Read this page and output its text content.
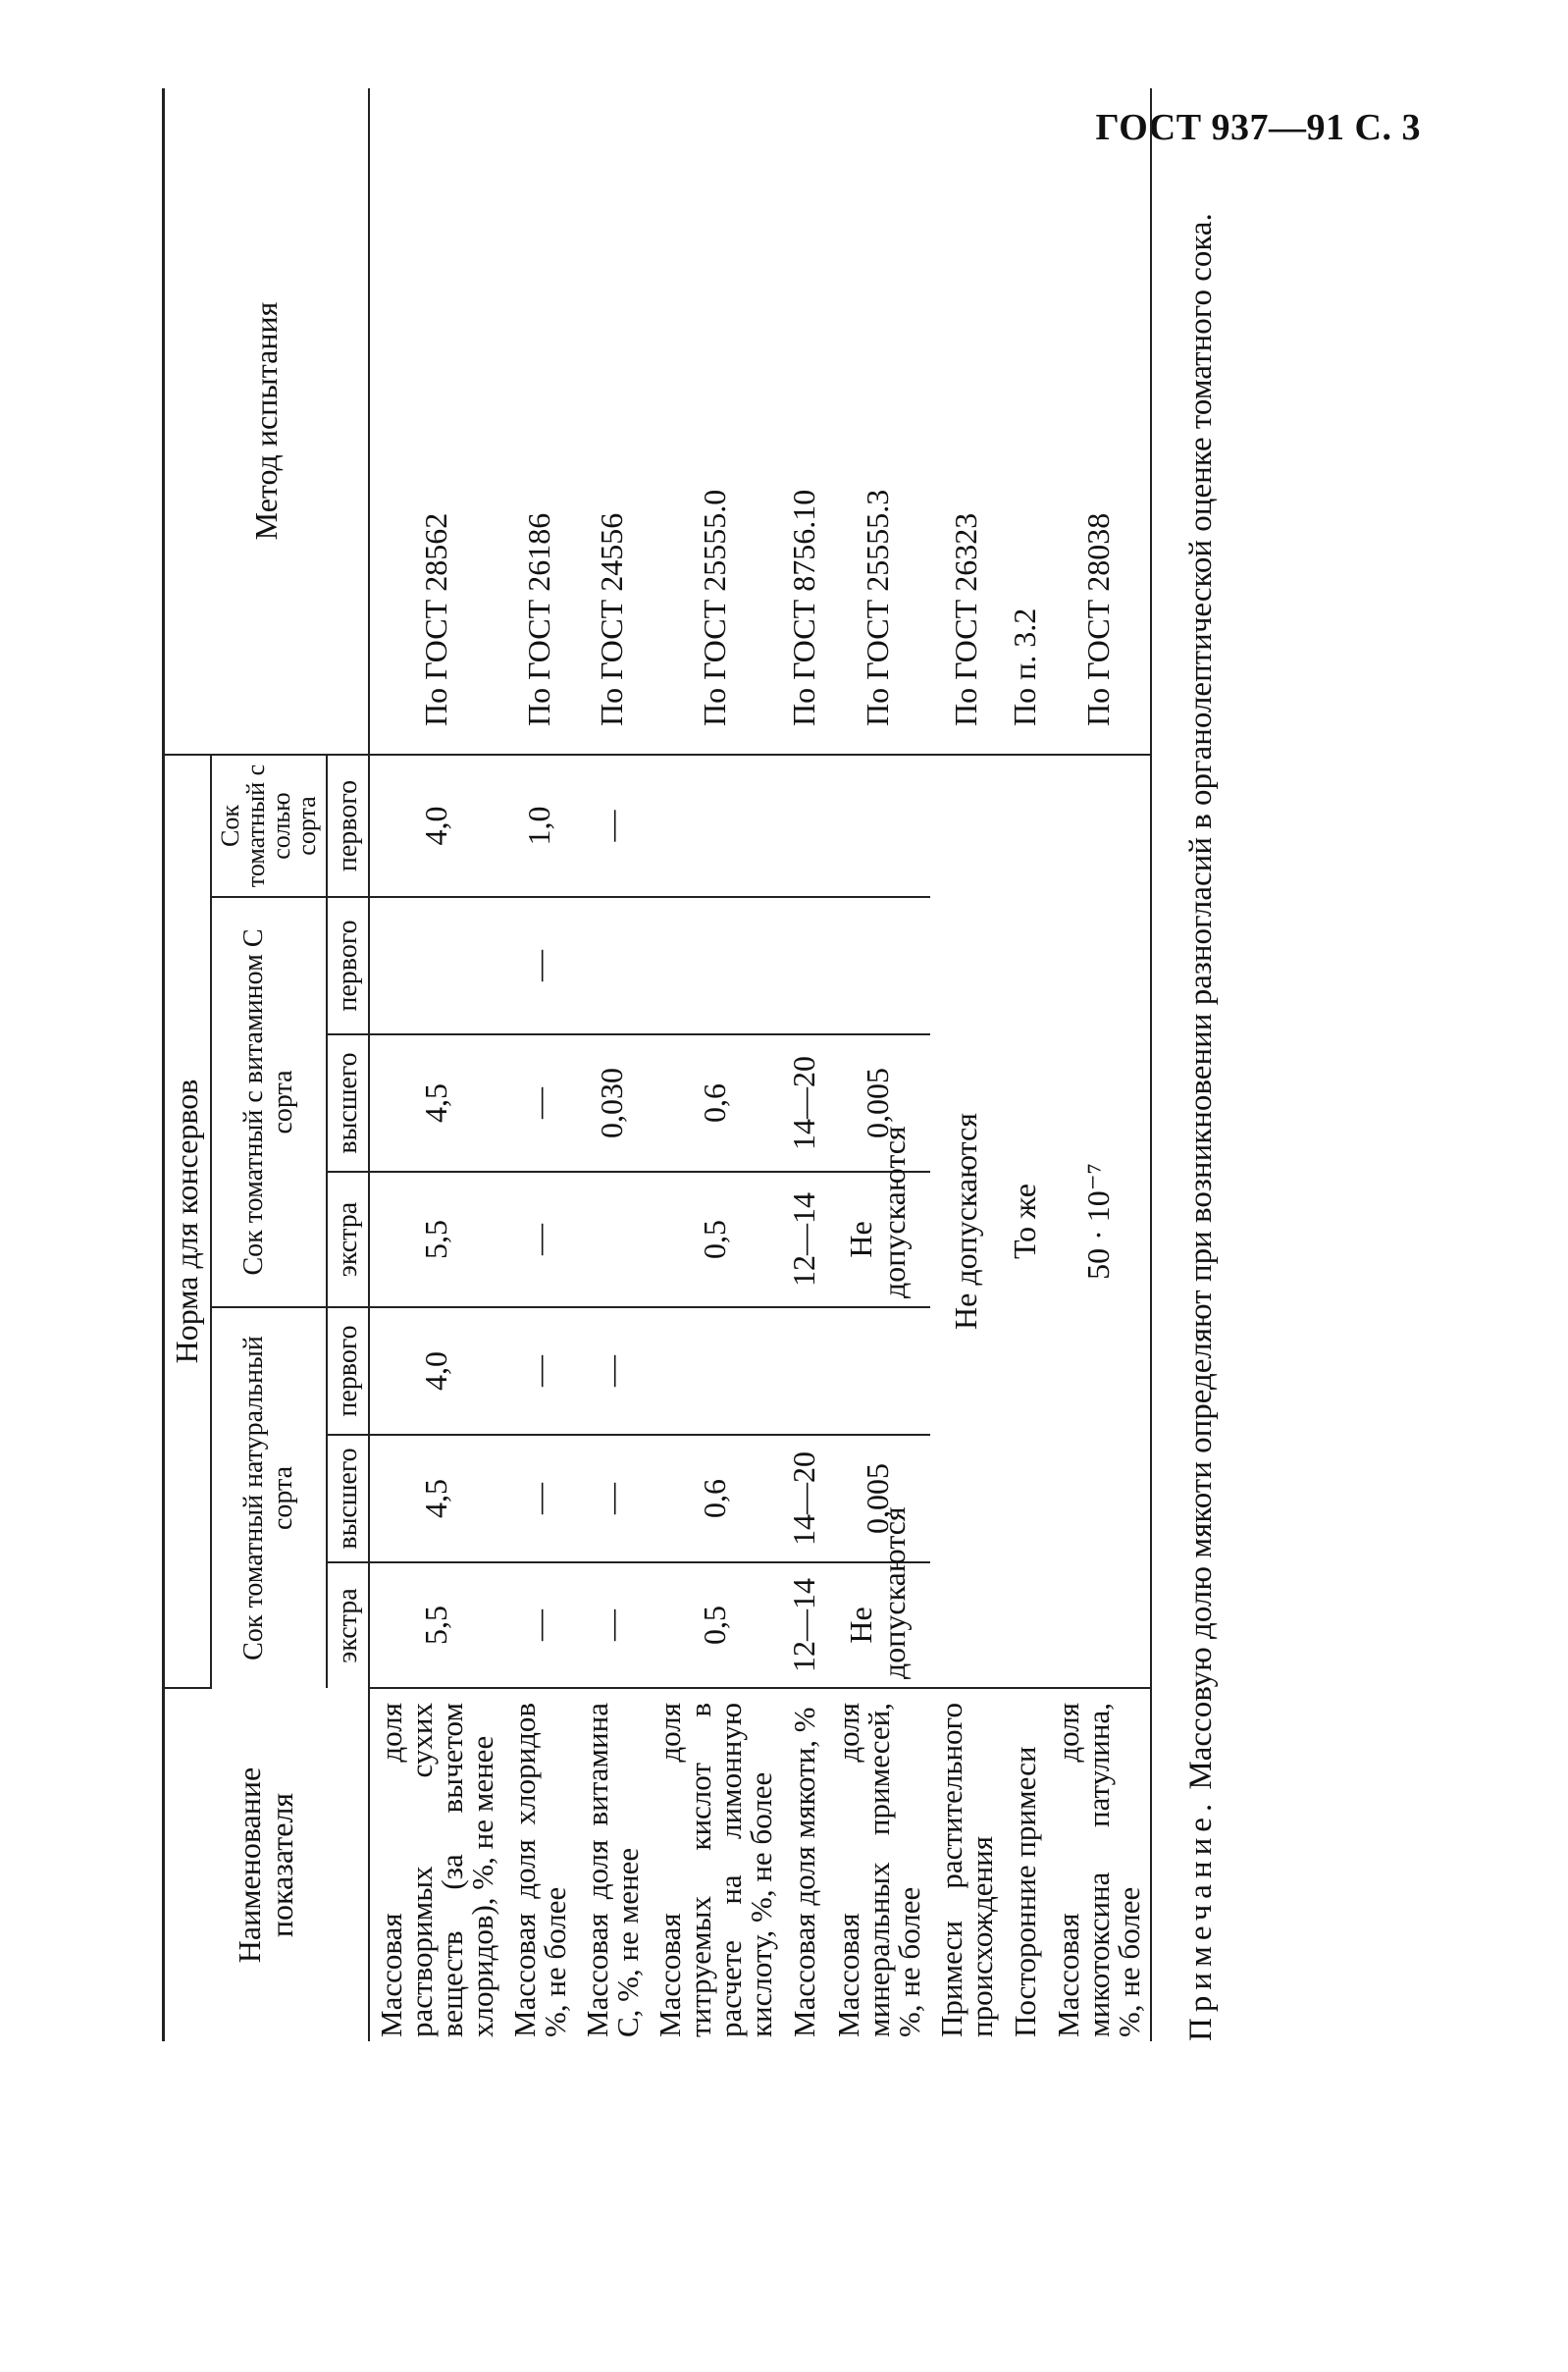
ГОСТ 937—91 С. 3
Наименование показателя	Норма для консервов							Метод испытания
	Сок томатный натуральный сорта			Сок томатный с витамином С сорта			Сок томатный с солью сорта	
	экстра	высшего	первого	экстра	высшего	первого	первого	
Массовая доля растворимых сухих веществ (за вычетом хлоридов), %, не менее	5,5	4,5	4,0	5,5	4,5		4,0	По ГОСТ 28562
Массовая доля хлоридов %, не более	—	—	—	—	—	—	1,0	По ГОСТ 26186
Массовая доля витамина С, %, не менее	—	—	—		0,030		—	По ГОСТ 24556
Массовая доля титруемых кислот в расчете на лимонную кислоту, %, не более	0,5	0,6		0,5	0,6			По ГОСТ 25555.0
Массовая доля мякоти, %	12—14	14—20		12—14	14—20			По ГОСТ 8756.10
Массовая доля минеральных примесей, %, не более	Не допускаются	0,005		Не допускаются	0,005			По ГОСТ 25555.3
Примеси растительного происхождения	Не допускаются							По ГОСТ 26323
Посторонние примеси	То же							По п. 3.2
Массовая доля микотоксина патулина, %, не более	50 · 10⁻⁷							По ГОСТ 28038
Примечание. Массовую долю мякоти определяют при возникновении разногласий в органолептической оценке томатного сока.
